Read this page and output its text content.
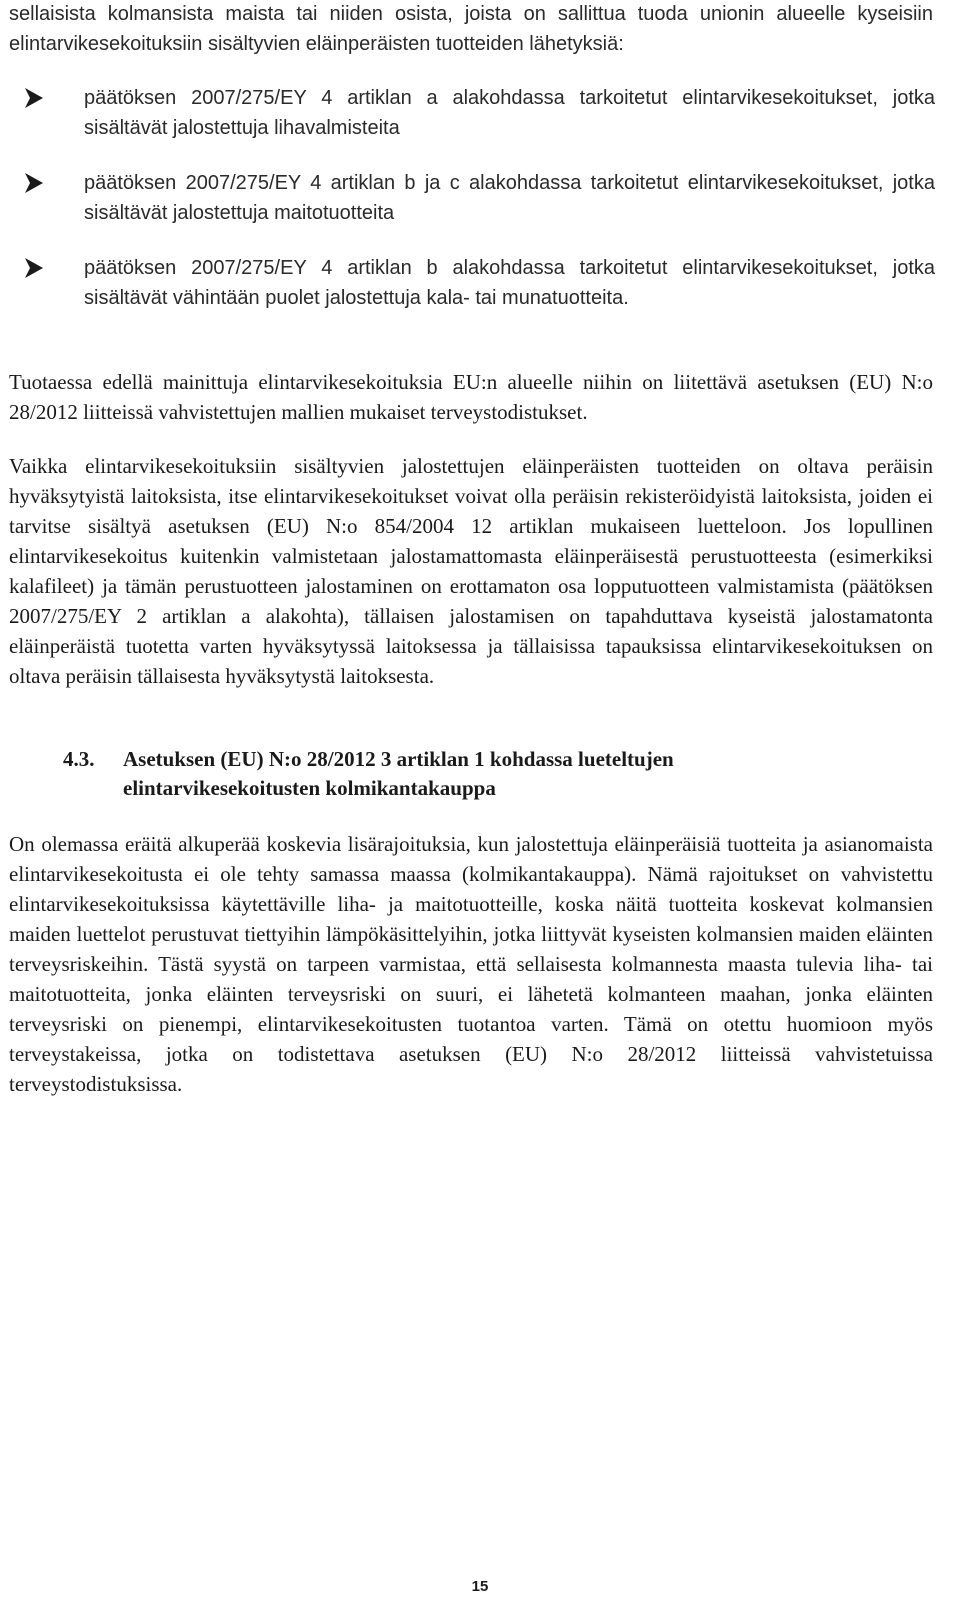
sellaisista kolmansista maista tai niiden osista, joista on sallittua tuoda unionin alueelle kyseisiin elintarvikesekoituksiin sisältyvien eläinperäisten tuotteiden lähetyksiä:

päätöksen 2007/275/EY 4 artiklan a alakohdassa tarkoitetut elintarvikesekoitukset, jotka sisältävät jalostettuja lihavalmisteita

päätöksen 2007/275/EY 4 artiklan b ja c alakohdassa tarkoitetut elintarvikesekoitukset, jotka sisältävät jalostettuja maitotuotteita

päätöksen 2007/275/EY 4 artiklan b alakohdassa tarkoitetut elintarvikesekoitukset, jotka sisältävät vähintään puolet jalostettuja kala- tai munatuotteita.

Tuotaessa edellä mainittuja elintarvikesekoituksia EU:n alueelle niihin on liitettävä asetuksen (EU) N:o 28/2012 liitteissä vahvistettujen mallien mukaiset terveystodistukset.

Vaikka elintarvikesekoituksiin sisältyvien jalostettujen eläinperäisten tuotteiden on oltava peräisin hyväksytyistä laitoksista, itse elintarvikesekoitukset voivat olla peräisin rekisteröidyistä laitoksista, joiden ei tarvitse sisältyä asetuksen (EU) N:o 854/2004 12 artiklan mukaiseen luetteloon. Jos lopullinen elintarvikesekoitus kuitenkin valmistetaan jalostamattomasta eläinperäisestä perustuotteesta (esimerkiksi kalafileet) ja tämän perustuotteen jalostaminen on erottamaton osa lopputuotteen valmistamista (päätöksen 2007/275/EY 2 artiklan a alakohta), tällaisen jalostamisen on tapahduttava kyseistä jalostamatonta eläinperäistä tuotetta varten hyväksytyssä laitoksessa ja tällaisissa tapauksissa elintarvikesekoituksen on oltava peräisin tällaisesta hyväksytystä laitoksesta.

4.3. Asetuksen (EU) N:o 28/2012 3 artiklan 1 kohdassa lueteltujen elintarvikesekoitusten kolmikantakauppa

On olemassa eräitä alkuperää koskevia lisärajoituksia, kun jalostettuja eläinperäisiä tuotteita ja asianomaista elintarvikesekoitusta ei ole tehty samassa maassa (kolmikantakauppa). Nämä rajoitukset on vahvistettu elintarvikesekoituksissa käytettäville liha- ja maitotuotteille, koska näitä tuotteita koskevat kolmansien maiden luettelot perustuvat tiettyihin lämpökäsittelyihin, jotka liittyvät kyseisten kolmansien maiden eläinten terveysriskeihin. Tästä syystä on tarpeen varmistaa, että sellaisesta kolmannesta maasta tulevia liha- tai maitotuotteita, jonka eläinten terveysriski on suuri, ei lähetetä kolmanteen maahan, jonka eläinten terveysriski on pienempi, elintarvikesekoitusten tuotantoa varten. Tämä on otettu huomioon myös terveystakeissa, jotka on todistettava asetuksen (EU) N:o 28/2012 liitteissä vahvistetuissa terveystodistuksissa.

15
